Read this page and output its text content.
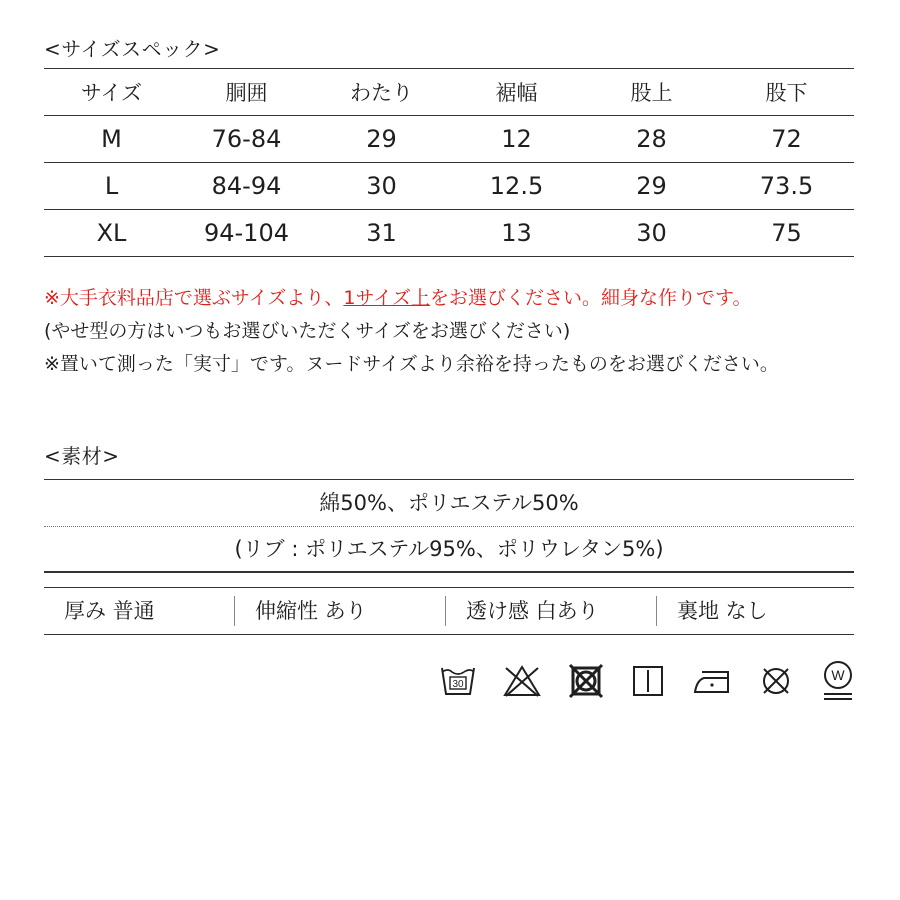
<サイズスペック>
サイズ	胴囲	わたり	裾幅	股上	股下
M	76-84	29	12	28	72
L	84-94	30	12.5	29	73.5
XL	94-104	31	13	30	75
※大手衣料品店で選ぶサイズより、1サイズ上をお選びください。細身な作りです。
(やせ型の方はいつもお選びいただくサイズをお選びください)
※置いて測った「実寸」です。ヌードサイズより余裕を持ったものをお選びください。
<素材>
綿50%、ポリエステル50%
(リブ : ポリエステル95%、ポリウレタン5%)
厚み 普通	伸縮性 あり	透け感 白あり	裏地 なし
30
W
